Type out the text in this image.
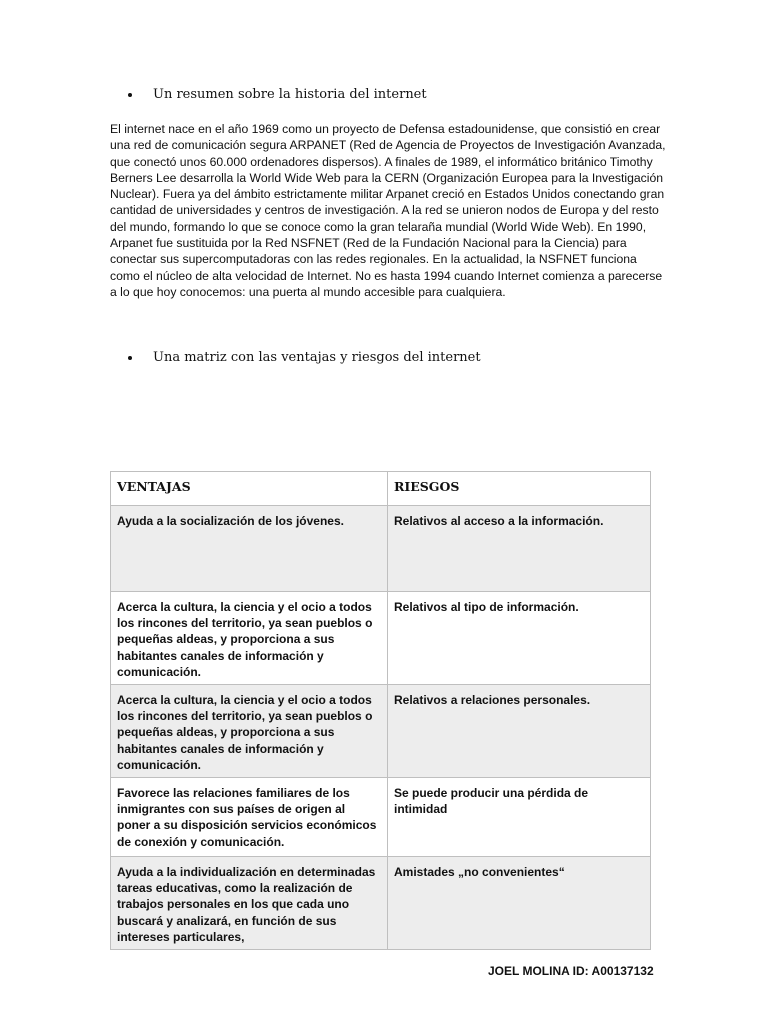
Un resumen sobre la historia del internet

El internet nace en el año 1969 como un proyecto de Defensa estadounidense, que consistió en crear una red de comunicación segura ARPANET (Red de Agencia de Proyectos de Investigación Avanzada, que conectó unos 60.000 ordenadores dispersos). A finales de 1989, el informático británico Timothy Berners Lee desarrolla la World Wide Web para la CERN (Organización Europea para la Investigación Nuclear). Fuera ya del ámbito estrictamente militar Arpanet creció en Estados Unidos conectando gran cantidad de universidades y centros de investigación. A la red se unieron nodos de Europa y del resto del mundo, formando lo que se conoce como la gran telaraña mundial (World Wide Web). En 1990, Arpanet fue sustituida por la Red NSFNET (Red de la Fundación Nacional para la Ciencia) para conectar sus supercomputadoras con las redes regionales. En la actualidad, la NSFNET funciona como el núcleo de alta velocidad de Internet. No es hasta 1994 cuando Internet comienza a parecerse a lo que hoy conocemos: una puerta al mundo accesible para cualquiera.

Una matriz con las ventajas y riesgos del internet
VENTAJAS	RIESGOS
Ayuda a la socialización de los jóvenes.	Relativos al acceso a la información.
Acerca la cultura, la ciencia y el ocio a todos los rincones del territorio, ya sean pueblos o pequeñas aldeas, y proporciona a sus habitantes canales de información y comunicación.	Relativos al tipo de información.
Acerca la cultura, la ciencia y el ocio a todos los rincones del territorio, ya sean pueblos o pequeñas aldeas, y proporciona a sus habitantes canales de información y comunicación.	Relativos a relaciones personales.
Favorece las relaciones familiares de los inmigrantes con sus países de origen al poner a su disposición servicios económicos de conexión y comunicación.	Se puede producir una pérdida de intimidad
Ayuda a la individualización en determinadas tareas educativas, como la realización de trabajos personales en los que cada uno buscará y analizará, en función de sus intereses particulares,	Amistades „no convenientes“
JOEL MOLINA ID: A00137132
